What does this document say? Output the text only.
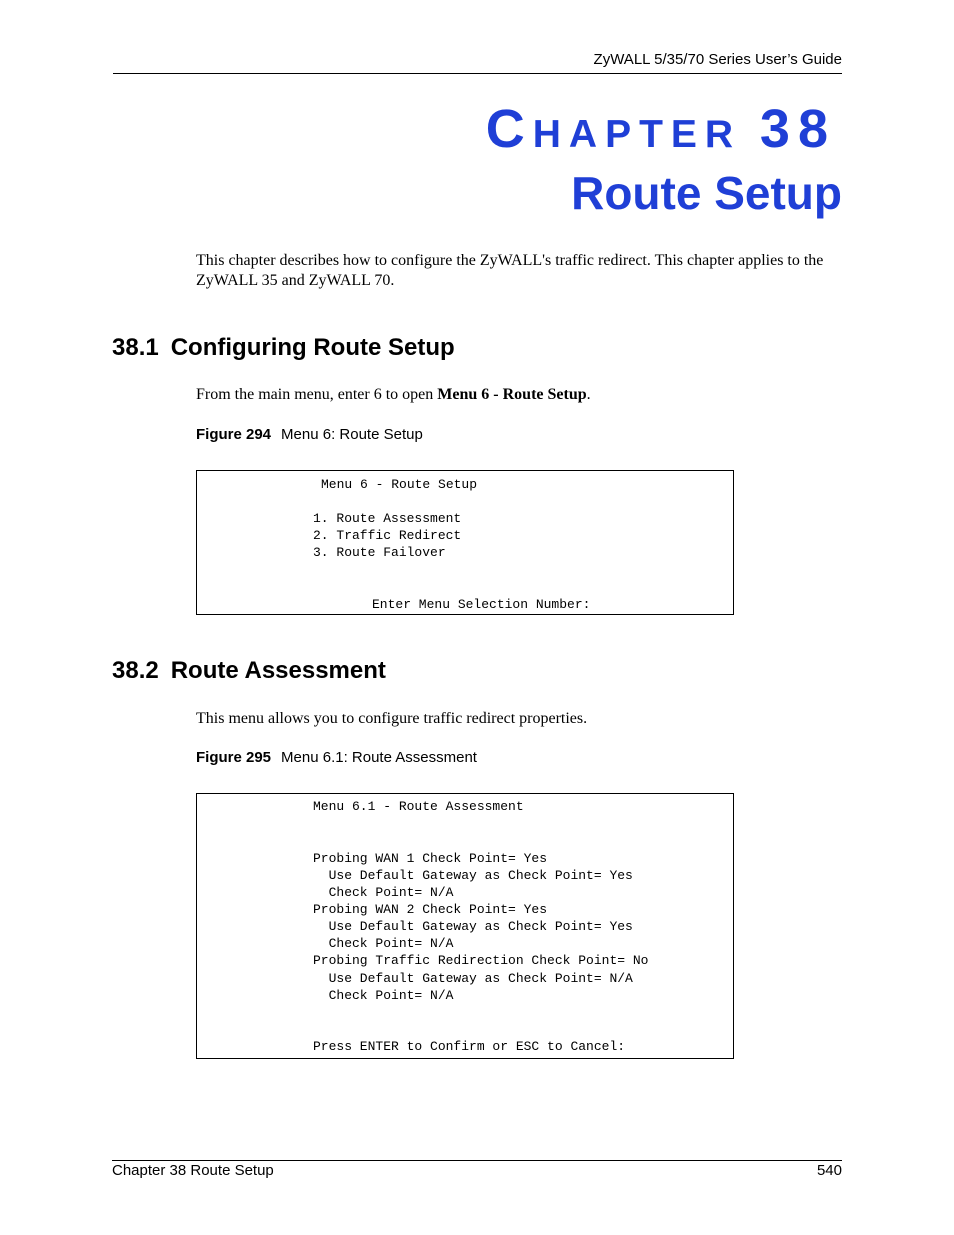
ZyWALL 5/35/70 Series User’s Guide
CHAPTER 38
Route Setup
This chapter describes how to configure the ZyWALL's traffic redirect. This chapter applies to the ZyWALL 35 and ZyWALL 70.
38.1 Configuring Route Setup
From the main menu, enter 6 to open Menu 6 - Route Setup.
Figure 294 Menu 6: Route Setup
Menu 6 - Route Setup
1. Route Assessment
2. Traffic Redirect
3. Route Failover
Enter Menu Selection Number:
38.2 Route Assessment
This menu allows you to configure traffic redirect properties.
Figure 295 Menu 6.1: Route Assessment
Menu 6.1 - Route Assessment
Probing WAN 1 Check Point= Yes
Use Default Gateway as Check Point= Yes
Check Point= N/A
Probing WAN 2 Check Point= Yes
Use Default Gateway as Check Point= Yes
Check Point= N/A
Probing Traffic Redirection Check Point= No
Use Default Gateway as Check Point= N/A
Check Point= N/A
Press ENTER to Confirm or ESC to Cancel:
Chapter 38 Route Setup	540
